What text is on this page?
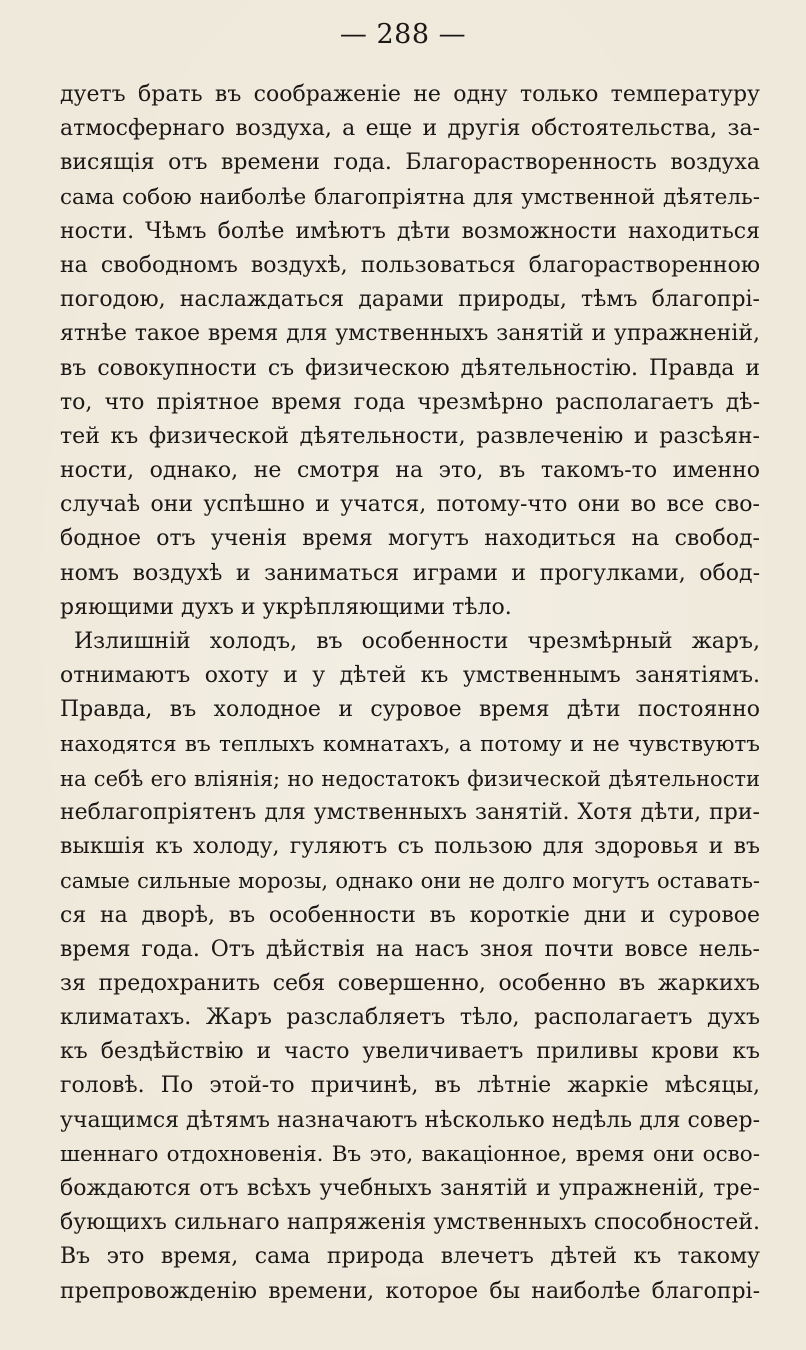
— 288 —
дуетъ брать въ соображеніе не одну только температуру
атмосфернаго воздуха, а еще и другія обстоятельства, за-
висящія отъ времени года. Благорастворенность воздуха
сама собою наиболѣе благопріятна для умственной дѣятель-
ности. Чѣмъ болѣе имѣютъ дѣти возможности находиться
на свободномъ воздухѣ, пользоваться благорастворенною
погодою, наслаждаться дарами природы, тѣмъ благопрі-
ятнѣе такое время для умственныхъ занятій и упражненій,
въ совокупности съ физическою дѣятельностію. Правда и
то, что пріятное время года чрезмѣрно располагаетъ дѣ-
тей къ физической дѣятельности, развлеченію и разсѣян-
ности, однако, не смотря на это, въ такомъ-то именно
случаѣ они успѣшно и учатся, потому-что они во все сво-
бодное отъ ученія время могутъ находиться на свобод-
номъ воздухѣ и заниматься играми и прогулками, обод-
ряющими духъ и укрѣпляющими тѣло.
Излишній холодъ, въ особенности чрезмѣрный жаръ,
отнимаютъ охоту и у дѣтей къ умственнымъ занятіямъ.
Правда, въ холодное и суровое время дѣти постоянно
находятся въ теплыхъ комнатахъ, а потому и не чувствуютъ
на себѣ его вліянія; но недостатокъ физической дѣятельности
неблагопріятенъ для умственныхъ занятій. Хотя дѣти, при-
выкшія къ холоду, гуляютъ съ пользою для здоровья и въ
самые сильные морозы, однако они не долго могутъ оставать-
ся на дворѣ, въ особенности въ короткіе дни и суровое
время года. Отъ дѣйствія на насъ зноя почти вовсе нель-
зя предохранить себя совершенно, особенно въ жаркихъ
климатахъ. Жаръ разслабляетъ тѣло, располагаетъ духъ
къ бездѣйствію и часто увеличиваетъ приливы крови къ
головѣ. По этой-то причинѣ, въ лѣтніе жаркіе мѣсяцы,
учащимся дѣтямъ назначаютъ нѣсколько недѣль для совер-
шеннаго отдохновенія. Въ это, вакаціонное, время они осво-
бождаются отъ всѣхъ учебныхъ занятій и упражненій, тре-
бующихъ сильнаго напряженія умственныхъ способностей.
Въ это время, сама природа влечетъ дѣтей къ такому
препровожденію времени, которое бы наиболѣе благопрі-
